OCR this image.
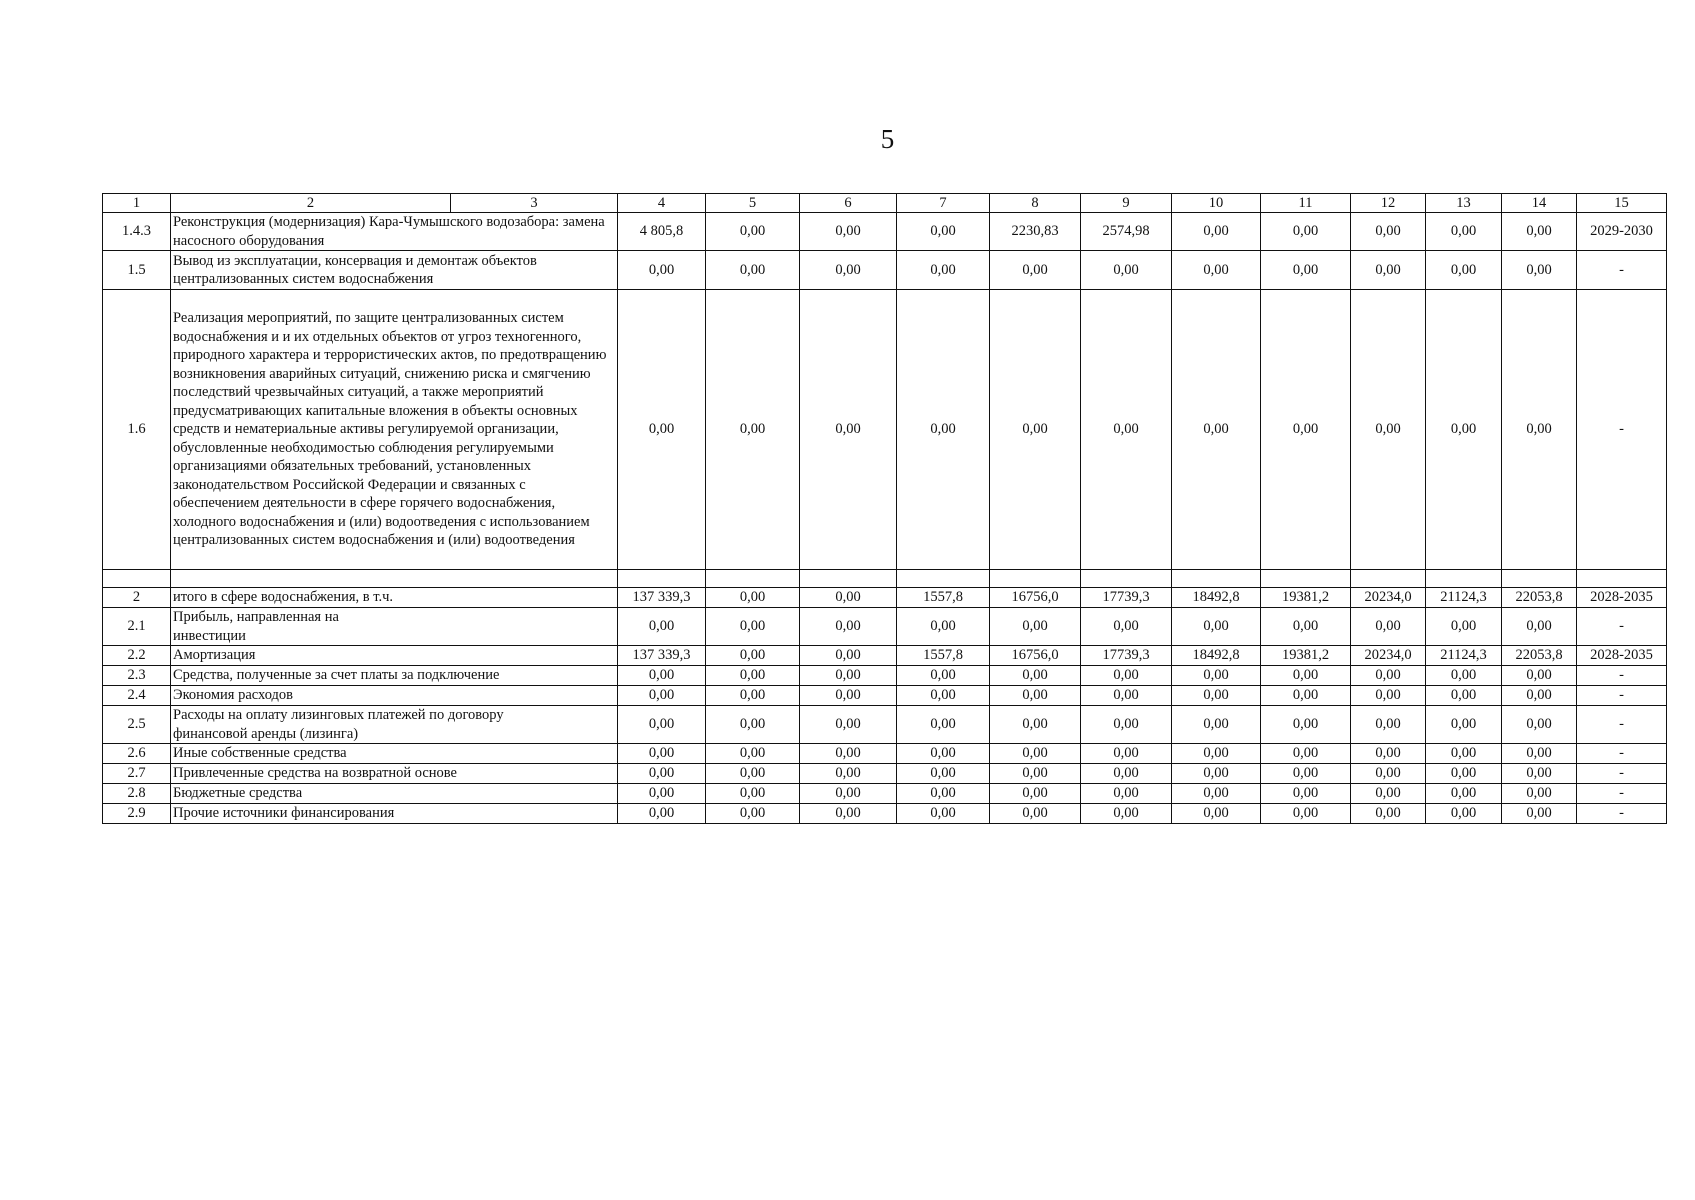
5
1	2	3	4	5	6	7	8	9	10	11	12	13	14	15
1.4.3	Реконструкция (модернизация) Кара-Чумышского водозабора: замена насосного оборудования		4 805,8	0,00	0,00	0,00	2230,83	2574,98	0,00	0,00	0,00	0,00	0,00	2029-2030
1.5	Вывод из эксплуатации, консервация и демонтаж объектов централизованных систем водоснабжения		0,00	0,00	0,00	0,00	0,00	0,00	0,00	0,00	0,00	0,00	0,00	-
1.6	Реализация мероприятий, по защите централизованных систем водоснабжения и и их отдельных объектов от угроз техногенного, природного характера и террористических актов, по предотвращению возникновения аварийных ситуаций, снижению риска и смягчению последствий чрезвычайных ситуаций, а также мероприятий предусматривающих капитальные вложения в объекты основных средств и нематериальные активы регулируемой организации, обусловленные необходимостью соблюдения регулируемыми организациями обязательных требований, установленных законодательством Российской Федерации и связанных с обеспечением деятельности в сфере горячего водоснабжения, холодного водоснабжения и (или) водоотведения с использованием централизованных систем водоснабжения и (или) водоотведения		0,00	0,00	0,00	0,00	0,00	0,00	0,00	0,00	0,00	0,00	0,00	-

2	итого в сфере водоснабжения, в т.ч.		137 339,3	0,00	0,00	1557,8	16756,0	17739,3	18492,8	19381,2	20234,0	21124,3	22053,8	2028-2035
2.1	Прибыль, направленная на инвестиции		0,00	0,00	0,00	0,00	0,00	0,00	0,00	0,00	0,00	0,00	0,00	-
2.2	Амортизация		137 339,3	0,00	0,00	1557,8	16756,0	17739,3	18492,8	19381,2	20234,0	21124,3	22053,8	2028-2035
2.3	Средства, полученные за счет платы за подключение		0,00	0,00	0,00	0,00	0,00	0,00	0,00	0,00	0,00	0,00	0,00	-
2.4	Экономия расходов		0,00	0,00	0,00	0,00	0,00	0,00	0,00	0,00	0,00	0,00	0,00	-
2.5	Расходы на оплату лизинговых платежей по договору финансовой аренды (лизинга)		0,00	0,00	0,00	0,00	0,00	0,00	0,00	0,00	0,00	0,00	0,00	-
2.6	Иные собственные средства		0,00	0,00	0,00	0,00	0,00	0,00	0,00	0,00	0,00	0,00	0,00	-
2.7	Привлеченные средства на возвратной основе		0,00	0,00	0,00	0,00	0,00	0,00	0,00	0,00	0,00	0,00	0,00	-
2.8	Бюджетные средства		0,00	0,00	0,00	0,00	0,00	0,00	0,00	0,00	0,00	0,00	0,00	-
2.9	Прочие источники финансирования		0,00	0,00	0,00	0,00	0,00	0,00	0,00	0,00	0,00	0,00	0,00	-
